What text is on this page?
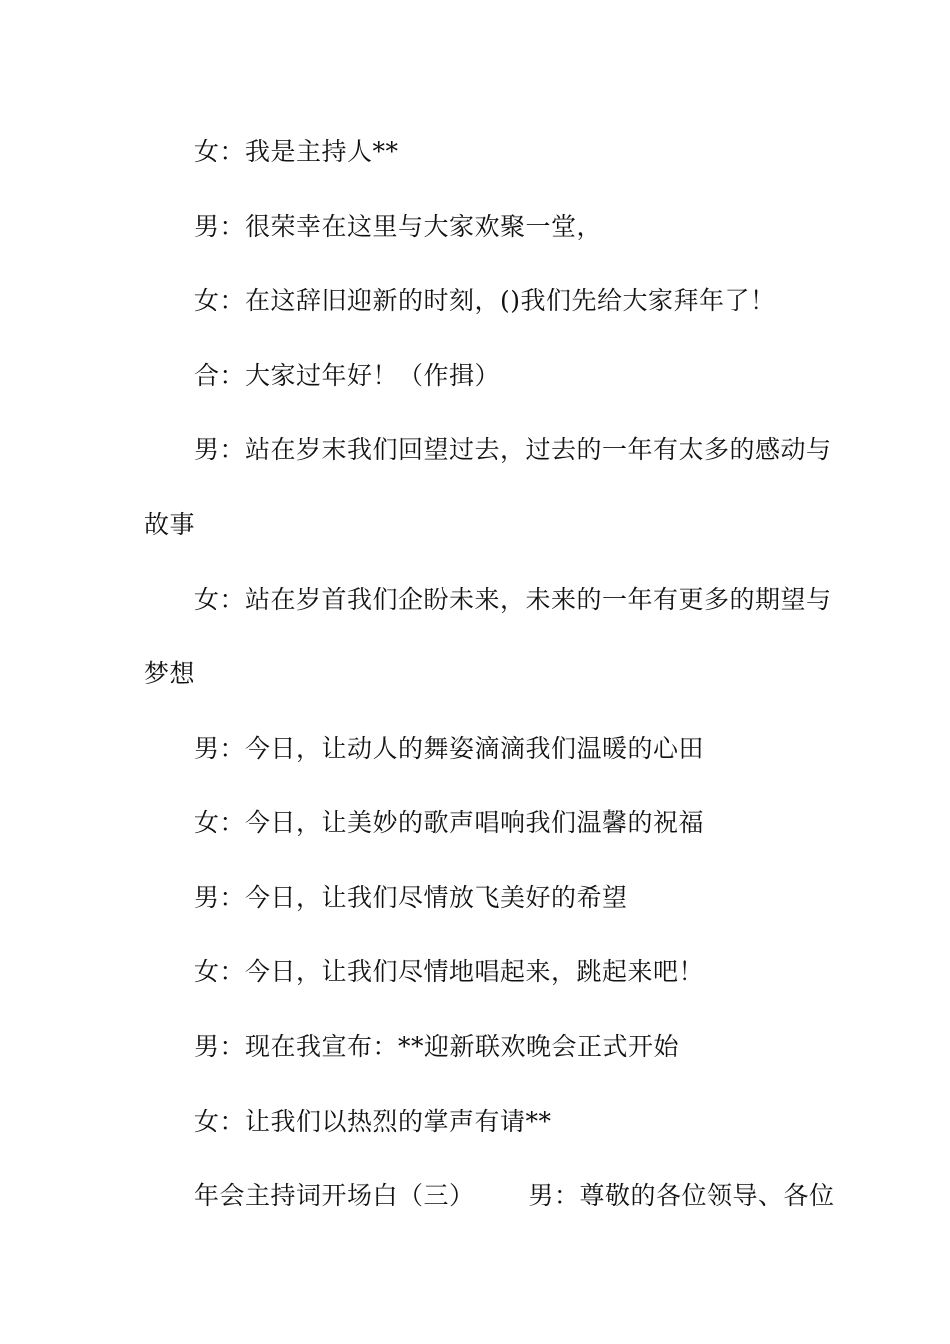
女：我是主持人**
男：很荣幸在这里与大家欢聚一堂，
女：在这辞旧迎新的时刻，()我们先给大家拜年了！
合：大家过年好！（作揖）
男：站在岁末我们回望过去，过去的一年有太多的感动与
故事
女：站在岁首我们企盼未来，未来的一年有更多的期望与
梦想
男：今日，让动人的舞姿滴滴我们温暖的心田
女：今日，让美妙的歌声唱响我们温馨的祝福
男：今日，让我们尽情放飞美好的希望
女：今日，让我们尽情地唱起来，跳起来吧！
男：现在我宣布：**迎新联欢晚会正式开始
女：让我们以热烈的掌声有请**
年会主持词开场白（三） 男：尊敬的各位领导、各位
